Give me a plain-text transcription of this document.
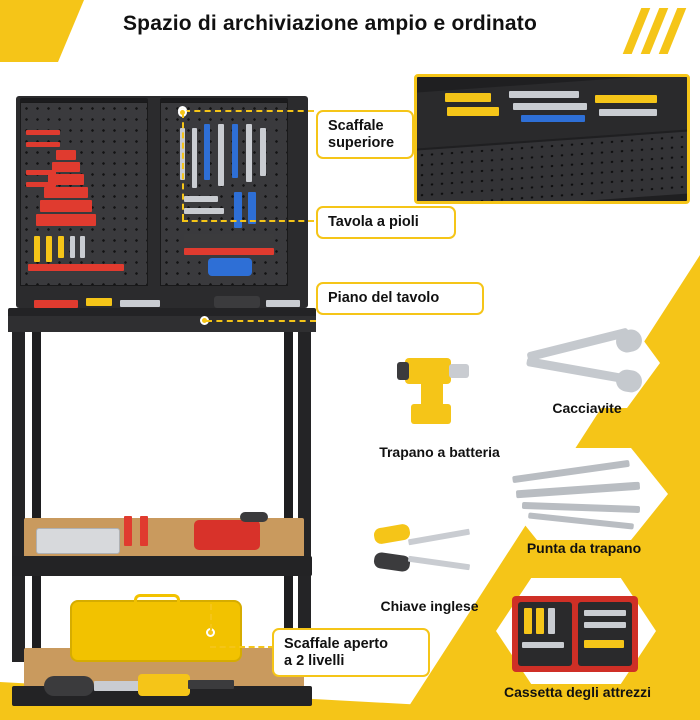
Spazio di archiviazione ampio e ordinato
Scaffale
superiore
Tavola a pioli
Piano del tavolo
Scaffale aperto
a 2 livelli
Trapano a batteria
Cacciavite
Chiave inglese
Punta da trapano
Cassetta degli attrezzi
